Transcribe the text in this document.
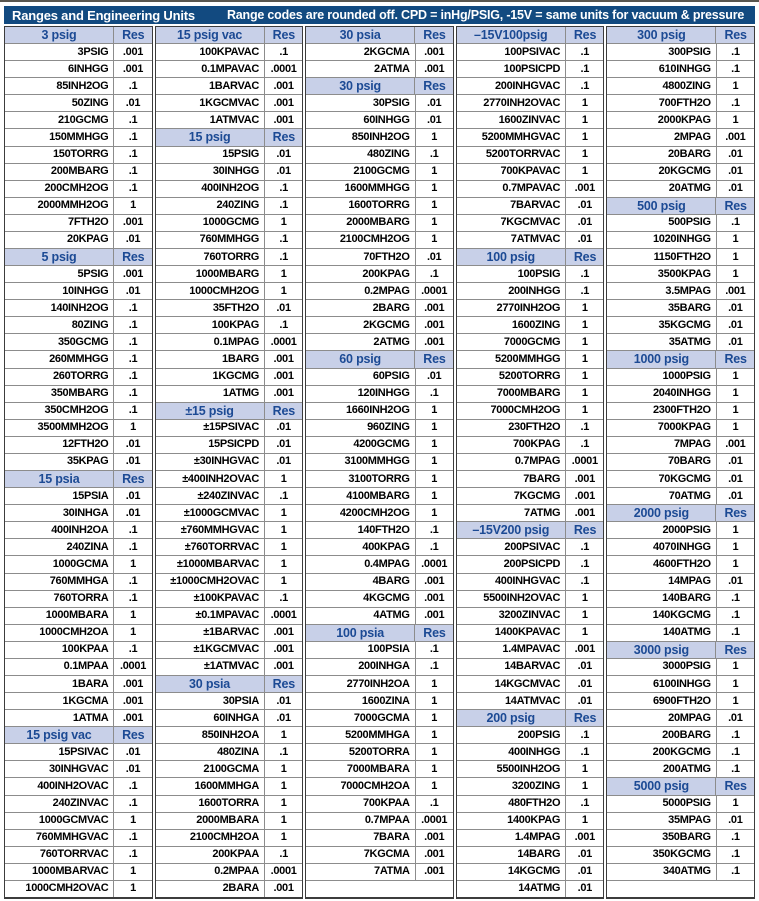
Ranges and Engineering Units	Range codes are rounded off. CPD = inHg/PSIG, -15V = same units for vacuum & pressure
3 psig	Res
3PSIG	.001
6INHGG	.001
85INH2OG	.1
50ZING	.01
210GCMG	.1
150MMHGG	.1
150TORRG	.1
200MBARG	.1
200CMH2OG	.1
2000MMH2OG	1
7FTH2O	.001
20KPAG	.01
5 psig	Res
5PSIG	.001
10INHGG	.01
140INH2OG	.1
80ZING	.1
350GCMG	.1
260MMHGG	.1
260TORRG	.1
350MBARG	.1
350CMH2OG	.1
3500MMH2OG	1
12FTH2O	.01
35KPAG	.01
15 psia	Res
15PSIA	.01
30INHGA	.01
400INH2OA	.1
240ZINA	.1
1000GCMA	1
760MMHGA	.1
760TORRA	.1
1000MBARA	1
1000CMH2OA	1
100KPAA	.1
0.1MPAA	.0001
1BARA	.001
1KGCMA	.001
1ATMA	.001
15 psig vac	Res
15PSIVAC	.01
30INHGVAC	.01
400INH2OVAC	.1
240ZINVAC	.1
1000GCMVAC	1
760MMHGVAC	.1
760TORRVAC	.1
1000MBARVAC	1
1000CMH2OVAC	1
15 psig vac	Res
100KPAVAC	.1
0.1MPAVAC	.0001
1BARVAC	.001
1KGCMVAC	.001
1ATMVAC	.001
15 psig	Res
15PSIG	.01
30INHGG	.01
400INH2OG	.1
240ZING	.1
1000GCMG	1
760MMHGG	.1
760TORRG	.1
1000MBARG	1
1000CMH2OG	1
35FTH2O	.01
100KPAG	.1
0.1MPAG	.0001
1BARG	.001
1KGCMG	.001
1ATMG	.001
±15 psig	Res
±15PSIVAC	.01
15PSICPD	.01
±30INHGVAC	.01
±400INH2OVAC	1
±240ZINVAC	.1
±1000GCMVAC	1
±760MMHGVAC	1
±760TORRVAC	1
±1000MBARVAC	1
±1000CMH2OVAC	1
±100KPAVAC	.1
±0.1MPAVAC	.0001
±1BARVAC	.001
±1KGCMVAC	.001
±1ATMVAC	.001
30 psia	Res
30PSIA	.01
60INHGA	.01
850INH2OA	1
480ZINA	.1
2100GCMA	1
1600MMHGA	1
1600TORRA	1
2000MBARA	1
2100CMH2OA	1
200KPAA	.1
0.2MPAA	.0001
2BARA	.001
30 psia	Res
2KGCMA	.001
2ATMA	.001
30 psig	Res
30PSIG	.01
60INHGG	.01
850INH2OG	1
480ZING	.1
2100GCMG	1
1600MMHGG	1
1600TORRG	1
2000MBARG	1
2100CMH2OG	1
70FTH2O	.01
200KPAG	.1
0.2MPAG	.0001
2BARG	.001
2KGCMG	.001
2ATMG	.001
60 psig	Res
60PSIG	.01
120INHGG	.1
1660INH2OG	1
960ZING	1
4200GCMG	1
3100MMHGG	1
3100TORRG	1
4100MBARG	1
4200CMH2OG	1
140FTH2O	.1
400KPAG	.1
0.4MPAG	.0001
4BARG	.001
4KGCMG	.001
4ATMG	.001
100 psia	Res
100PSIA	.1
200INHGA	.1
2770INH2OA	1
1600ZINA	1
7000GCMA	1
5200MMHGA	1
5200TORRA	1
7000MBARA	1
7000CMH2OA	1
700KPAA	.1
0.7MPAA	.0001
7BARA	.001
7KGCMA	.001
7ATMA	.001
–15V100psig	Res
100PSIVAC	.1
100PSICPD	.1
200INHGVAC	.1
2770INH2OVAC	1
1600ZINVAC	1
5200MMHGVAC	1
5200TORRVAC	1
700KPAVAC	1
0.7MPAVAC	.001
7BARVAC	.01
7KGCMVAC	.01
7ATMVAC	.01
100 psig	Res
100PSIG	.1
200INHGG	.1
2770INH2OG	1
1600ZING	1
7000GCMG	1
5200MMHGG	1
5200TORRG	1
7000MBARG	1
7000CMH2OG	1
230FTH2O	.1
700KPAG	.1
0.7MPAG	.0001
7BARG	.001
7KGCMG	.001
7ATMG	.001
–15V200 psig	Res
200PSIVAC	.1
200PSICPD	.1
400INHGVAC	.1
5500INH2OVAC	1
3200ZINVAC	1
1400KPAVAC	1
1.4MPAVAC	.001
14BARVAC	.01
14KGCMVAC	.01
14ATMVAC	.01
200 psig	Res
200PSIG	.1
400INHGG	.1
5500INH2OG	1
3200ZING	1
480FTH2O	.1
1400KPAG	1
1.4MPAG	.001
14BARG	.01
14KGCMG	.01
14ATMG	.01
300 psig	Res
300PSIG	.1
610INHGG	.1
4800ZING	1
700FTH2O	.1
2000KPAG	1
2MPAG	.001
20BARG	.01
20KGCMG	.01
20ATMG	.01
500 psig	Res
500PSIG	.1
1020INHGG	1
1150FTH2O	1
3500KPAG	1
3.5MPAG	.001
35BARG	.01
35KGCMG	.01
35ATMG	.01
1000 psig	Res
1000PSIG	1
2040INHGG	1
2300FTH2O	1
7000KPAG	1
7MPAG	.001
70BARG	.01
70KGCMG	.01
70ATMG	.01
2000 psig	Res
2000PSIG	1
4070INHGG	1
4600FTH2O	1
14MPAG	.01
140BARG	.1
140KGCMG	.1
140ATMG	.1
3000 psig	Res
3000PSIG	1
6100INHGG	1
6900FTH2O	1
20MPAG	.01
200BARG	.1
200KGCMG	.1
200ATMG	.1
5000 psig	Res
5000PSIG	1
35MPAG	.01
350BARG	.1
350KGCMG	.1
340ATMG	.1
